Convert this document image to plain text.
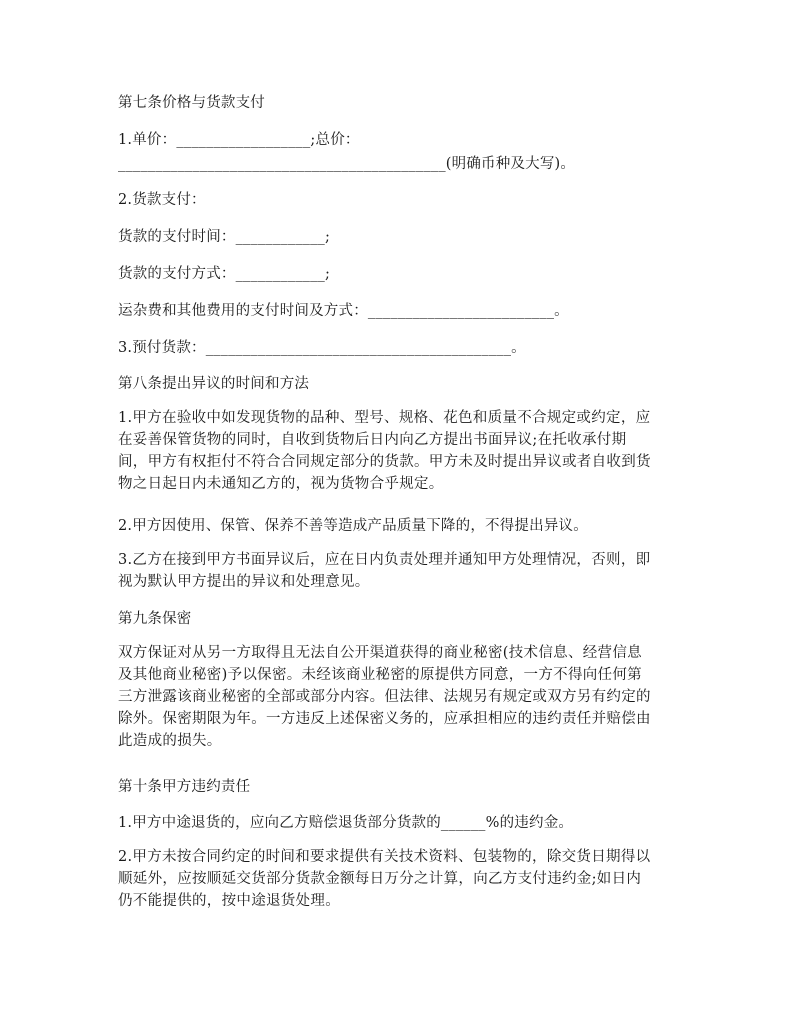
第七条价格与货款支付
1.单价：__________________;总价：
____________________________________________(明确币种及大写)。
2.货款支付：
货款的支付时间：____________;
货款的支付方式：____________;
运杂费和其他费用的支付时间及方式：_________________________。
3.预付货款：_________________________________________。
第八条提出异议的时间和方法
1.甲方在验收中如发现货物的品种、型号、规格、花色和质量不合规定或约定，应
在妥善保管货物的同时，自收到货物后日内向乙方提出书面异议;在托收承付期
间，甲方有权拒付不符合合同规定部分的货款。甲方未及时提出异议或者自收到货
物之日起日内未通知乙方的，视为货物合乎规定。
2.甲方因使用、保管、保养不善等造成产品质量下降的，不得提出异议。
3.乙方在接到甲方书面异议后，应在日内负责处理并通知甲方处理情况，否则，即
视为默认甲方提出的异议和处理意见。
第九条保密
双方保证对从另一方取得且无法自公开渠道获得的商业秘密(技术信息、经营信息
及其他商业秘密)予以保密。未经该商业秘密的原提供方同意，一方不得向任何第
三方泄露该商业秘密的全部或部分内容。但法律、法规另有规定或双方另有约定的
除外。保密期限为年。一方违反上述保密义务的，应承担相应的违约责任并赔偿由
此造成的损失。
第十条甲方违约责任
1.甲方中途退货的，应向乙方赔偿退货部分货款的______%的违约金。
2.甲方未按合同约定的时间和要求提供有关技术资料、包装物的，除交货日期得以
顺延外，应按顺延交货部分货款金额每日万分之计算，向乙方支付违约金;如日内
仍不能提供的，按中途退货处理。
